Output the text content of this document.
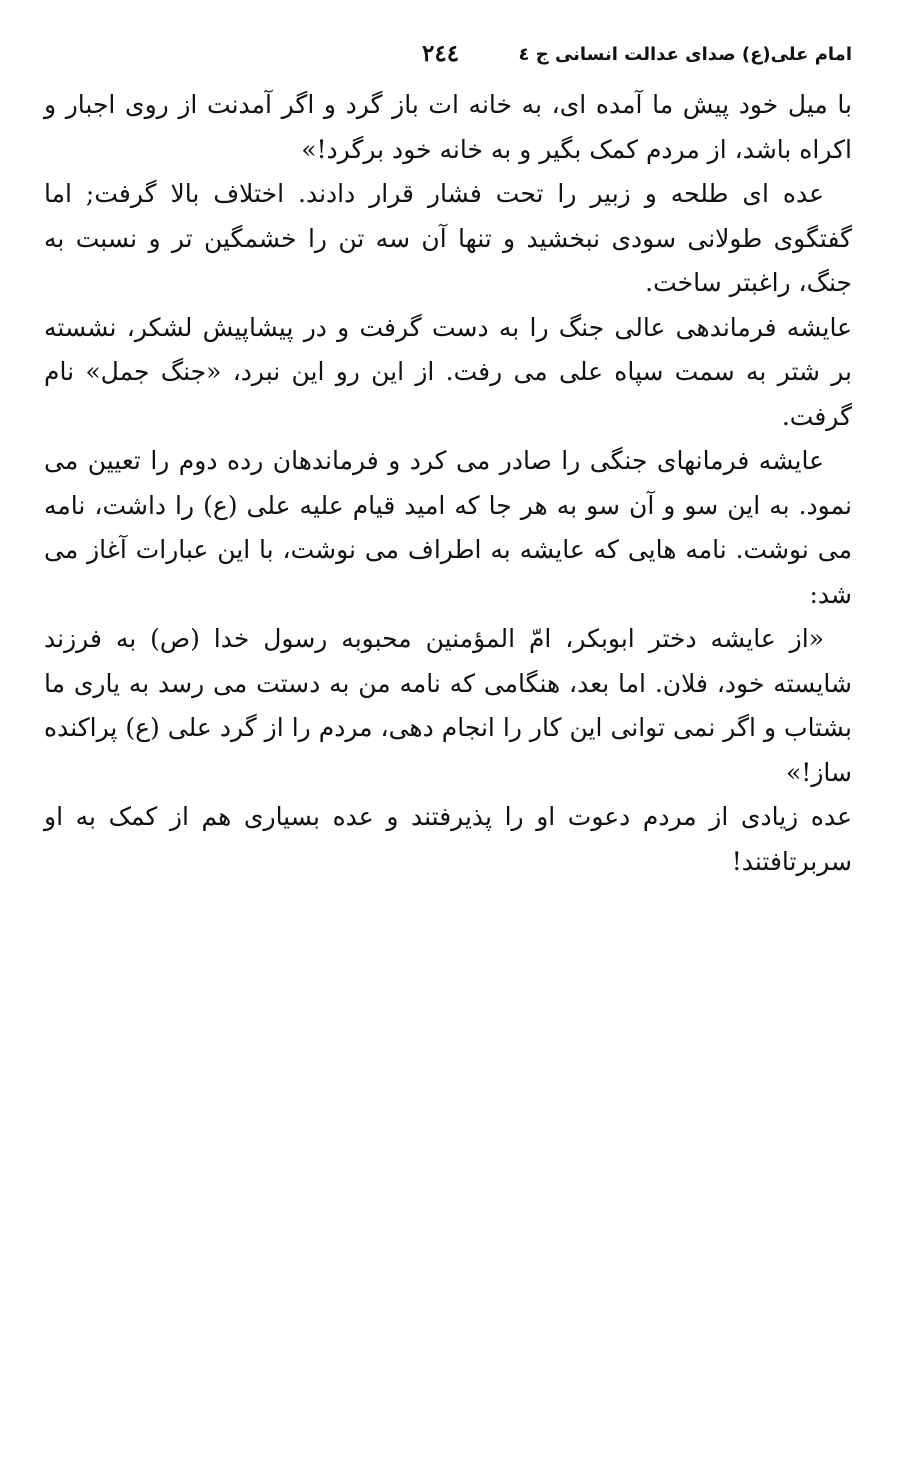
امام علی(ع) صدای عدالت انسانی ج ٤
٢٤٤

با میل خود پیش ما آمده ای، به خانه ات باز گرد و اگر آمدنت از روی اجبار و اکراه باشد، از مردم کمک بگیر و به خانه خود برگرد!»

عده ای طلحه و زبیر را تحت فشار قرار دادند. اختلاف بالا گرفت; اما گفتگوی طولانی سودی نبخشید و تنها آن سه تن را خشمگین تر و نسبت به جنگ، راغبتر ساخت.

عایشه فرماندهی عالی جنگ را به دست گرفت و در پیشاپیش لشکر، نشسته بر شتر به سمت سپاه علی می رفت. از این رو این نبرد، «جنگ جمل» نام گرفت.

عایشه فرمانهای جنگی را صادر می کرد و فرماندهان رده دوم را تعیین می نمود. به این سو و آن سو به هر جا که امید قیام علیه علی (ع) را داشت، نامه می نوشت. نامه هایی که عایشه به اطراف می نوشت، با این عبارات آغاز می شد:

«از عایشه دختر ابوبکر، امّ المؤمنین محبوبه رسول خدا (ص) به فرزند شایسته خود، فلان. اما بعد، هنگامی که نامه من به دستت می رسد به یاری ما بشتاب و اگر نمی توانی این کار را انجام دهی، مردم را از گرد علی (ع) پراکنده ساز!»

عده زیادی از مردم دعوت او را پذیرفتند و عده بسیاری هم از کمک به او سربرتافتند!
